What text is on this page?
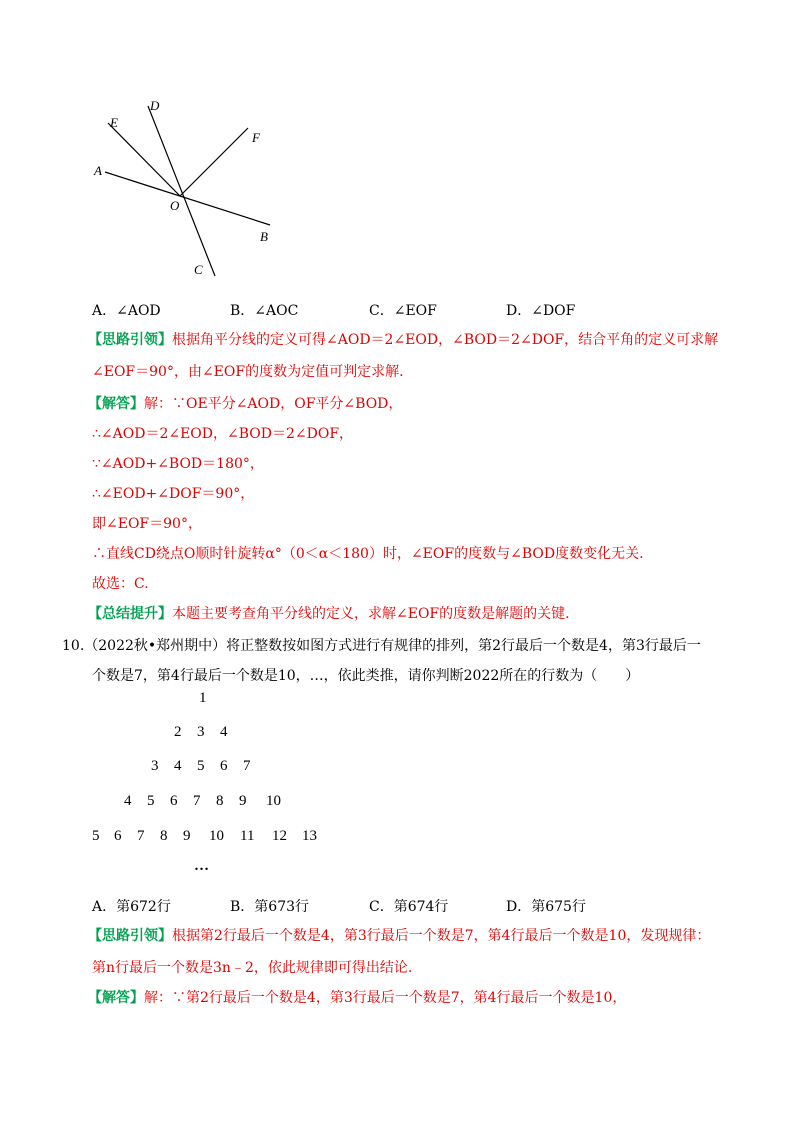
A
B
C
D
E
F
O
A．∠AOD	B．∠AOC	C．∠EOF	D．∠DOF
【思路引领】根据角平分线的定义可得∠AOD＝2∠EOD，∠BOD＝2∠DOF，结合平角的定义可求解
∠EOF＝90°，由∠EOF的度数为定值可判定求解.
【解答】解：∵OE平分∠AOD，OF平分∠BOD，
∴∠AOD＝2∠EOD，∠BOD＝2∠DOF，
∵∠AOD+∠BOD＝180°，
∴∠EOD+∠DOF＝90°，
即∠EOF＝90°，
∴直线CD绕点O顺时针旋转α°（0＜α＜180）时，∠EOF的度数与∠BOD度数变化无关.
故选：C.
【总结提升】本题主要考查角平分线的定义，求解∠EOF的度数是解题的关键.
10.（2022秋•郑州期中）将正整数按如图方式进行有规律的排列，第2行最后一个数是4，第3行最后一
个数是7，第4行最后一个数是10，…，依此类推，请你判断2022所在的行数为（　　）
1
2 3 4
3 4 5 6 7
4 5 6 7 8 9 10
5 6 7 8 9 10 11 12 13
…
A．第672行	B．第673行	C．第674行	D．第675行
【思路引领】根据第2行最后一个数是4，第3行最后一个数是7，第4行最后一个数是10，发现规律：
第n行最后一个数是3n﹣2，依此规律即可得出结论.
【解答】解：∵第2行最后一个数是4，第3行最后一个数是7，第4行最后一个数是10，
